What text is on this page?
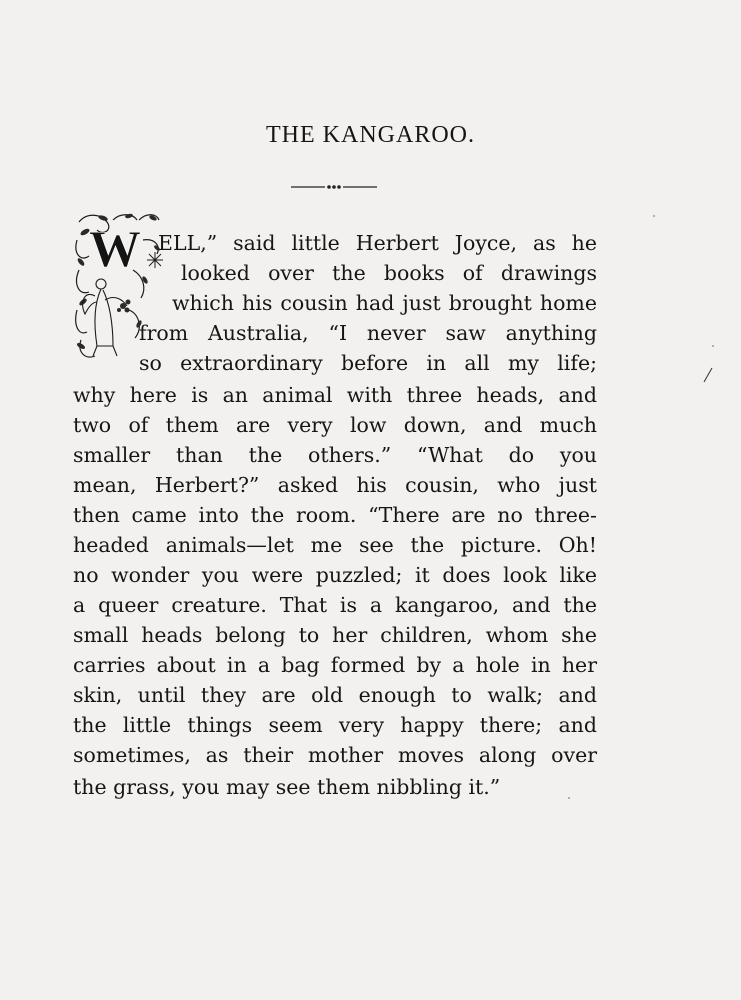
THE KANGAROO.
W ELL,” said little Herbert Joyce, as he
looked over the books of drawings
which his cousin had just brought home
from Australia, “I never saw anything
so extraordinary before in all my life;
why here is an animal with three heads, and
two of them are very low down, and much
smaller than the others.” “What do you
mean, Herbert?” asked his cousin, who just
then came into the room. “There are no three-
headed animals—let me see the picture. Oh!
no wonder you were puzzled; it does look like
a queer creature. That is a kangaroo, and the
small heads belong to her children, whom she
carries about in a bag formed by a hole in her
skin, until they are old enough to walk; and
the little things seem very happy there; and
sometimes, as their mother moves along over
the grass, you may see them nibbling it.”
